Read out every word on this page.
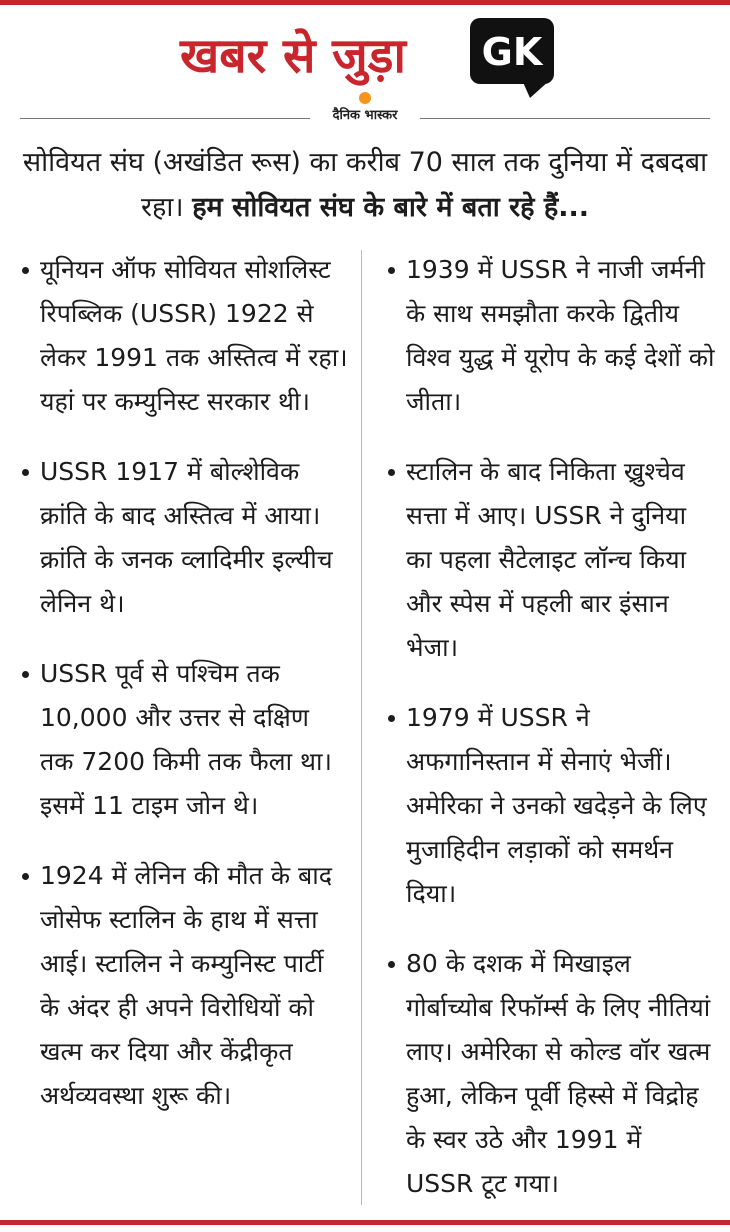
खबर से जुड़ा	GK
दैनिक भास्कर
सोवियत संघ (अखंडित रूस) का करीब 70 साल तक दुनिया में दबदबा रहा। हम सोवियत संघ के बारे में बता रहे हैं...
यूनियन ऑफ सोवियत सोशलिस्ट रिपब्लिक (USSR) 1922 से लेकर 1991 तक अस्तित्व में रहा। यहां पर कम्युनिस्ट सरकार थी।
USSR 1917 में बोल्शेविक क्रांति के बाद अस्तित्व में आया। क्रांति के जनक व्लादिमीर इल्यीच लेनिन थे।
USSR पूर्व से पश्चिम तक 10,000 और उत्तर से दक्षिण तक 7200 किमी तक फैला था। इसमें 11 टाइम जोन थे।
1924 में लेनिन की मौत के बाद जोसेफ स्टालिन के हाथ में सत्ता आई। स्टालिन ने कम्युनिस्ट पार्टी के अंदर ही अपने विरोधियों को खत्म कर दिया और केंद्रीकृत अर्थव्यवस्था शुरू की।
1939 में USSR ने नाजी जर्मनी के साथ समझौता करके द्वितीय विश्व युद्ध में यूरोप के कई देशों को जीता।
स्टालिन के बाद निकिता ख्रुश्चेव सत्ता में आए। USSR ने दुनिया का पहला सैटेलाइट लॉन्च किया और स्पेस में पहली बार इंसान भेजा।
1979 में USSR ने अफगानिस्तान में सेनाएं भेजीं। अमेरिका ने उनको खदेड़ने के लिए मुजाहिदीन लड़ाकों को समर्थन दिया।
80 के दशक में मिखाइल गोर्बाच्योब रिफॉर्म्स के लिए नीतियां लाए। अमेरिका से कोल्ड वॉर खत्म हुआ, लेकिन पूर्वी हिस्से में विद्रोह के स्वर उठे और 1991 में USSR टूट गया।
